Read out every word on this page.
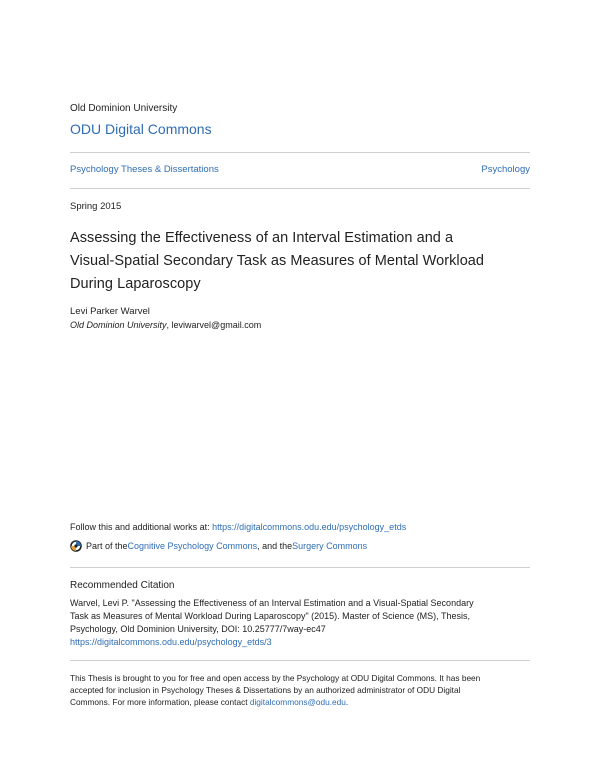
Old Dominion University
ODU Digital Commons
Psychology Theses & Dissertations	Psychology
Spring 2015
Assessing the Effectiveness of an Interval Estimation and a
Visual-Spatial Secondary Task as Measures of Mental Workload
During Laparoscopy
Levi Parker Warvel
Old Dominion University, leviwarvel@gmail.com
Follow this and additional works at: https://digitalcommons.odu.edu/psychology_etds
Part of the Cognitive Psychology Commons , and the Surgery Commons
Recommended Citation
Warvel, Levi P. "Assessing the Effectiveness of an Interval Estimation and a Visual-Spatial Secondary
Task as Measures of Mental Workload During Laparoscopy" (2015). Master of Science (MS), Thesis,
Psychology, Old Dominion University, DOI: 10.25777/7way-ec47
https://digitalcommons.odu.edu/psychology_etds/3
This Thesis is brought to you for free and open access by the Psychology at ODU Digital Commons. It has been
accepted for inclusion in Psychology Theses & Dissertations by an authorized administrator of ODU Digital
Commons. For more information, please contact digitalcommons@odu.edu.
